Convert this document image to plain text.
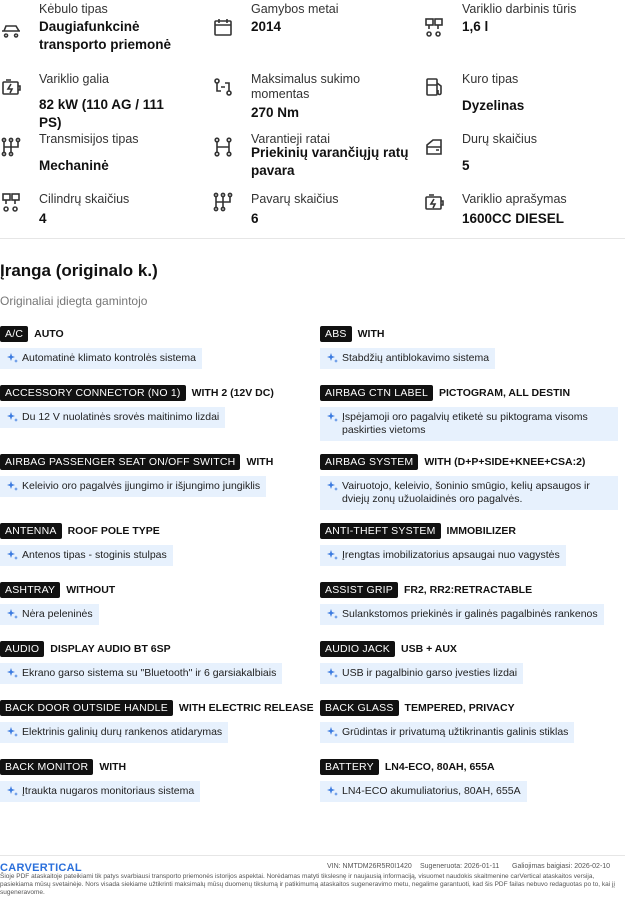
Kėbulo tipas
Daugiafunkcinė transporto priemonė
Gamybos metai
2014
Variklio darbinis tūris
1,6 l
Variklio galia
82 kW (110 AG / 111 PS)
Maksimalus sukimo momentas
270 Nm
Kuro tipas
Dyzelinas
Transmisijos tipas
Mechaninė
Varantieji ratai
Priekinių varančiųjų ratų pavara
Durų skaičius
5
Cilindrų skaičius
4
Pavarų skaičius
6
Variklio aprašymas
1600CC DIESEL
Įranga (originalo k.)
Originaliai įdiegta gamintojo
A/C	AUTO
Automatinė klimato kontrolės sistema
ABS	WITH
Stabdžių antiblokavimo sistema
ACCESSORY CONNECTOR (NO 1)	WITH 2 (12V DC)
Du 12 V nuolatinės srovės maitinimo lizdai
AIRBAG CTN LABEL	PICTOGRAM, ALL DESTIN
Įspėjamoji oro pagalvių etiketė su piktograma visoms paskirties vietoms
AIRBAG PASSENGER SEAT ON/OFF SWITCH	WITH
Keleivio oro pagalvės įjungimo ir išjungimo jungiklis
AIRBAG SYSTEM	WITH (D+P+SIDE+KNEE+CSA:2)
Vairuotojo, keleivio, šoninio smūgio, kelių apsaugos ir dviejų zonų užuolaidinės oro pagalvės.
ANTENNA	ROOF POLE TYPE
Antenos tipas - stoginis stulpas
ANTI-THEFT SYSTEM	IMMOBILIZER
Įrengtas imobilizatorius apsaugai nuo vagystės
ASHTRAY	WITHOUT
Nėra peleninės
ASSIST GRIP	FR2, RR2:RETRACTABLE
Sulankstomos priekinės ir galinės pagalbinės rankenos
AUDIO	DISPLAY AUDIO BT 6SP
Ekrano garso sistema su "Bluetooth" ir 6 garsiakalbiais
AUDIO JACK	USB + AUX
USB ir pagalbinio garso įvesties lizdai
BACK DOOR OUTSIDE HANDLE	WITH ELECTRIC RELEASE
Elektrinis galinių durų rankenos atidarymas
BACK GLASS	TEMPERED, PRIVACY
Grūdintas ir privatumą užtikrinantis galinis stiklas
BACK MONITOR	WITH
Įtraukta nugaros monitoriaus sistema
BATTERY	LN4-ECO, 80AH, 655A
LN4-ECO akumuliatorius, 80AH, 655A
CARVERTICAL	VIN: NMTDM26R5R0I1420 Sugeneruota: 2026-01-11 Galiojimas baigiasi: 2026-02-10
Šioje PDF ataskaitoje pateikiami tik patys svarbiausi transporto priemonės istorijos aspektai. Norėdamas matyti tikslesnę ir naujausią informaciją, visuomet naudokis skaitmenine carVertical ataskaitos versija, pasiekiama mūsų svetainėje. Nors visada siekiame užtikrinti maksimalų mūsų duomenų tikslumą ir patikimumą ataskaitos sugeneravimo metu, negalime garantuoti, kad šis PDF failas nebuvo redaguotas po to, kai jį sugeneravome.
